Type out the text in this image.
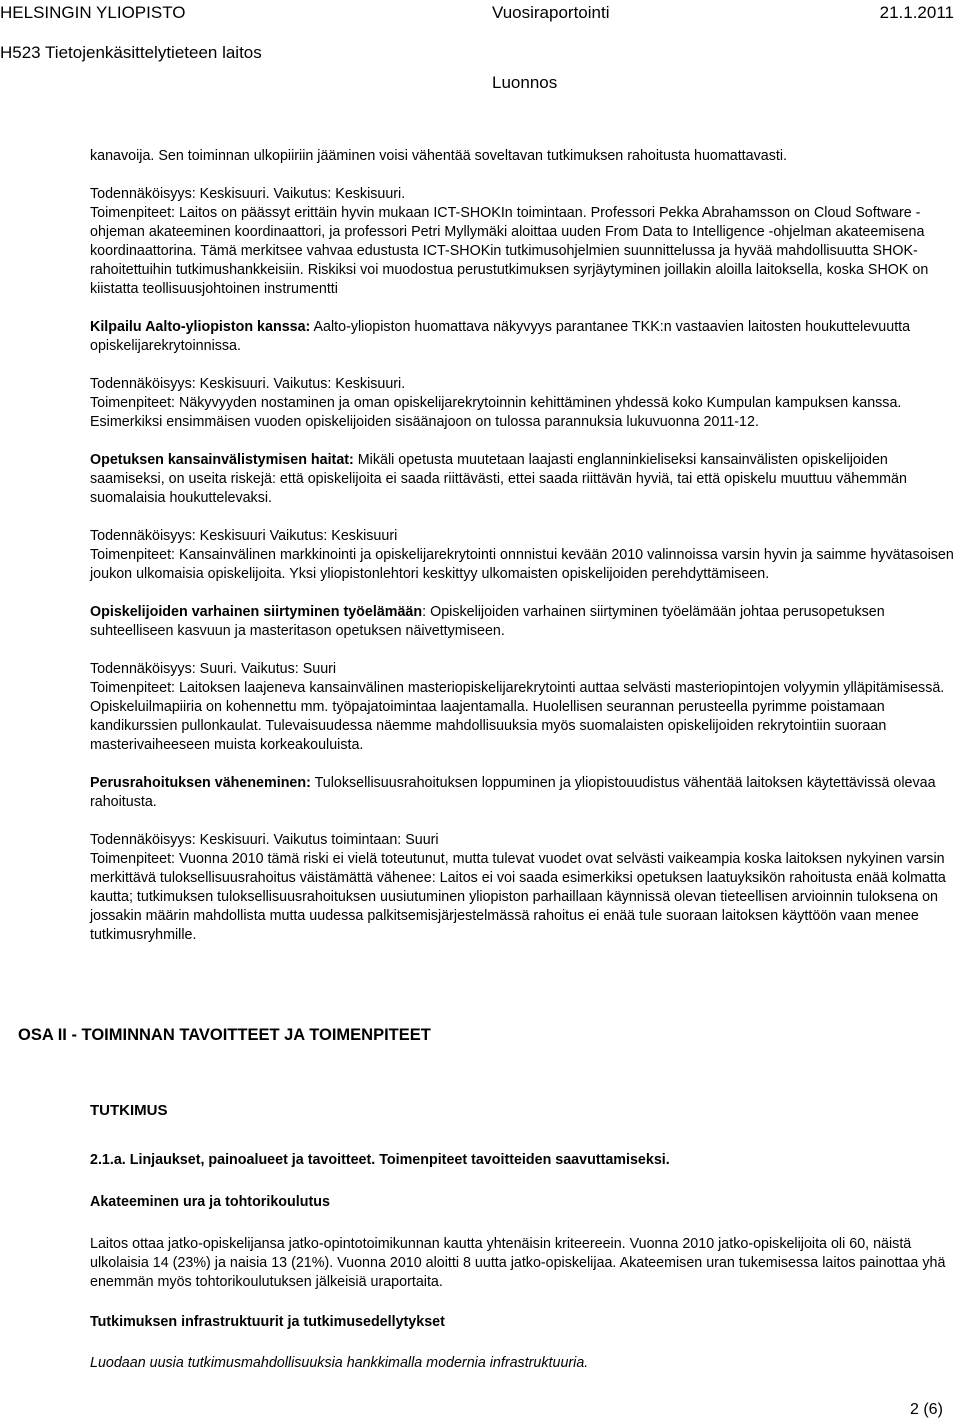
HELSINGIN YLIOPISTO	Vuosiraportointi	21.1.2011
H523 Tietojenkäsittelytieteen laitos
Luonnos

kanavoija. Sen toiminnan ulkopiiriin jääminen voisi vähentää soveltavan tutkimuksen rahoitusta huomattavasti.

Todennäköisyys: Keskisuuri. Vaikutus: Keskisuuri.

Toimenpiteet: Laitos on päässyt erittäin hyvin mukaan ICT-SHOKIn toimintaan. Professori Pekka Abrahamsson on Cloud Software -ohjeman akateeminen koordinaattori, ja professori Petri Myllymäki aloittaa uuden From Data to Intelligence -ohjelman akateemisena koordinaattorina. Tämä merkitsee vahvaa edustusta ICT-SHOKin tutkimusohjelmien suunnittelussa ja hyvää mahdollisuutta SHOK-rahoitettuihin tutkimushankkeisiin. Riskiksi voi muodostua perustutkimuksen syrjäytyminen joillakin aloilla laitoksella, koska SHOK on kiistatta teollisuusjohtoinen instrumentti

Kilpailu Aalto-yliopiston kanssa: Aalto-yliopiston huomattava näkyvyys parantanee TKK:n vastaavien laitosten houkuttelevuutta opiskelijarekrytoinnissa.

Todennäköisyys: Keskisuuri. Vaikutus: Keskisuuri.

Toimenpiteet: Näkyvyyden nostaminen ja oman opiskelijarekrytoinnin kehittäminen yhdessä koko Kumpulan kampuksen kanssa. Esimerkiksi ensimmäisen vuoden opiskelijoiden sisäänajoon on tulossa parannuksia lukuvuonna 2011-12.

Opetuksen kansainvälistymisen haitat: Mikäli opetusta muutetaan laajasti englanninkieliseksi kansainvälisten opiskelijoiden saamiseksi, on useita riskejä: että opiskelijoita ei saada riittävästi, ettei saada riittävän hyviä, tai että opiskelu muuttuu vähemmän suomalaisia houkuttelevaksi.

Todennäköisyys: Keskisuuri Vaikutus: Keskisuuri

Toimenpiteet: Kansainvälinen markkinointi ja opiskelijarekrytointi onnnistui kevään 2010 valinnoissa varsin hyvin ja saimme hyvätasoisen joukon ulkomaisia opiskelijoita. Yksi yliopistonlehtori keskittyy ulkomaisten opiskelijoiden perehdyttämiseen.

Opiskelijoiden varhainen siirtyminen työelämään: Opiskelijoiden varhainen siirtyminen työelämään johtaa perusopetuksen suhteelliseen kasvuun ja masteritason opetuksen näivettymiseen.

Todennäköisyys: Suuri. Vaikutus: Suuri

Toimenpiteet: Laitoksen laajeneva kansainvälinen masteriopiskelijarekrytointi auttaa selvästi masteriopintojen volyymin ylläpitämisessä. Opiskeluilmapiiria on kohennettu mm. työpajatoimintaa laajentamalla. Huolellisen seurannan perusteella pyrimme poistamaan kandikurssien pullonkaulat. Tulevaisuudessa näemme mahdollisuuksia myös suomalaisten opiskelijoiden rekrytointiin suoraan masterivaiheeseen muista korkeakouluista.

Perusrahoituksen väheneminen: Tuloksellisuusrahoituksen loppuminen ja yliopistouudistus vähentää laitoksen käytettävissä olevaa rahoitusta.

Todennäköisyys: Keskisuuri. Vaikutus toimintaan: Suuri

Toimenpiteet: Vuonna 2010 tämä riski ei vielä toteutunut, mutta tulevat vuodet ovat selvästi vaikeampia koska laitoksen nykyinen varsin merkittävä tuloksellisuusrahoitus väistämättä vähenee: Laitos ei voi saada esimerkiksi opetuksen laatuyksikön rahoitusta enää kolmatta kautta; tutkimuksen tuloksellisuusrahoituksen uusiutuminen yliopiston parhaillaan käynnissä olevan tieteellisen arvioinnin tuloksena on jossakin määrin mahdollista mutta uudessa palkitsemisjärjestelmässä rahoitus ei enää tule suoraan laitoksen käyttöön vaan menee tutkimusryhmille.

OSA II - TOIMINNAN TAVOITTEET JA TOIMENPITEET

TUTKIMUS

2.1.a. Linjaukset, painoalueet ja tavoitteet. Toimenpiteet tavoitteiden saavuttamiseksi.

Akateeminen ura ja tohtorikoulutus

Laitos ottaa jatko-opiskelijansa jatko-opintotoimikunnan kautta yhtenäisin kriteereein. Vuonna 2010 jatko-opiskelijoita oli 60, näistä ulkolaisia 14 (23%) ja naisia 13 (21%). Vuonna 2010 aloitti 8 uutta jatko-opiskelijaa. Akateemisen uran tukemisessa laitos painottaa yhä enemmän myös tohtorikoulutuksen jälkeisiä uraportaita.

Tutkimuksen infrastruktuurit ja tutkimusedellytykset

Luodaan uusia tutkimusmahdollisuuksia hankkimalla modernia infrastruktuuria.

2 (6)
